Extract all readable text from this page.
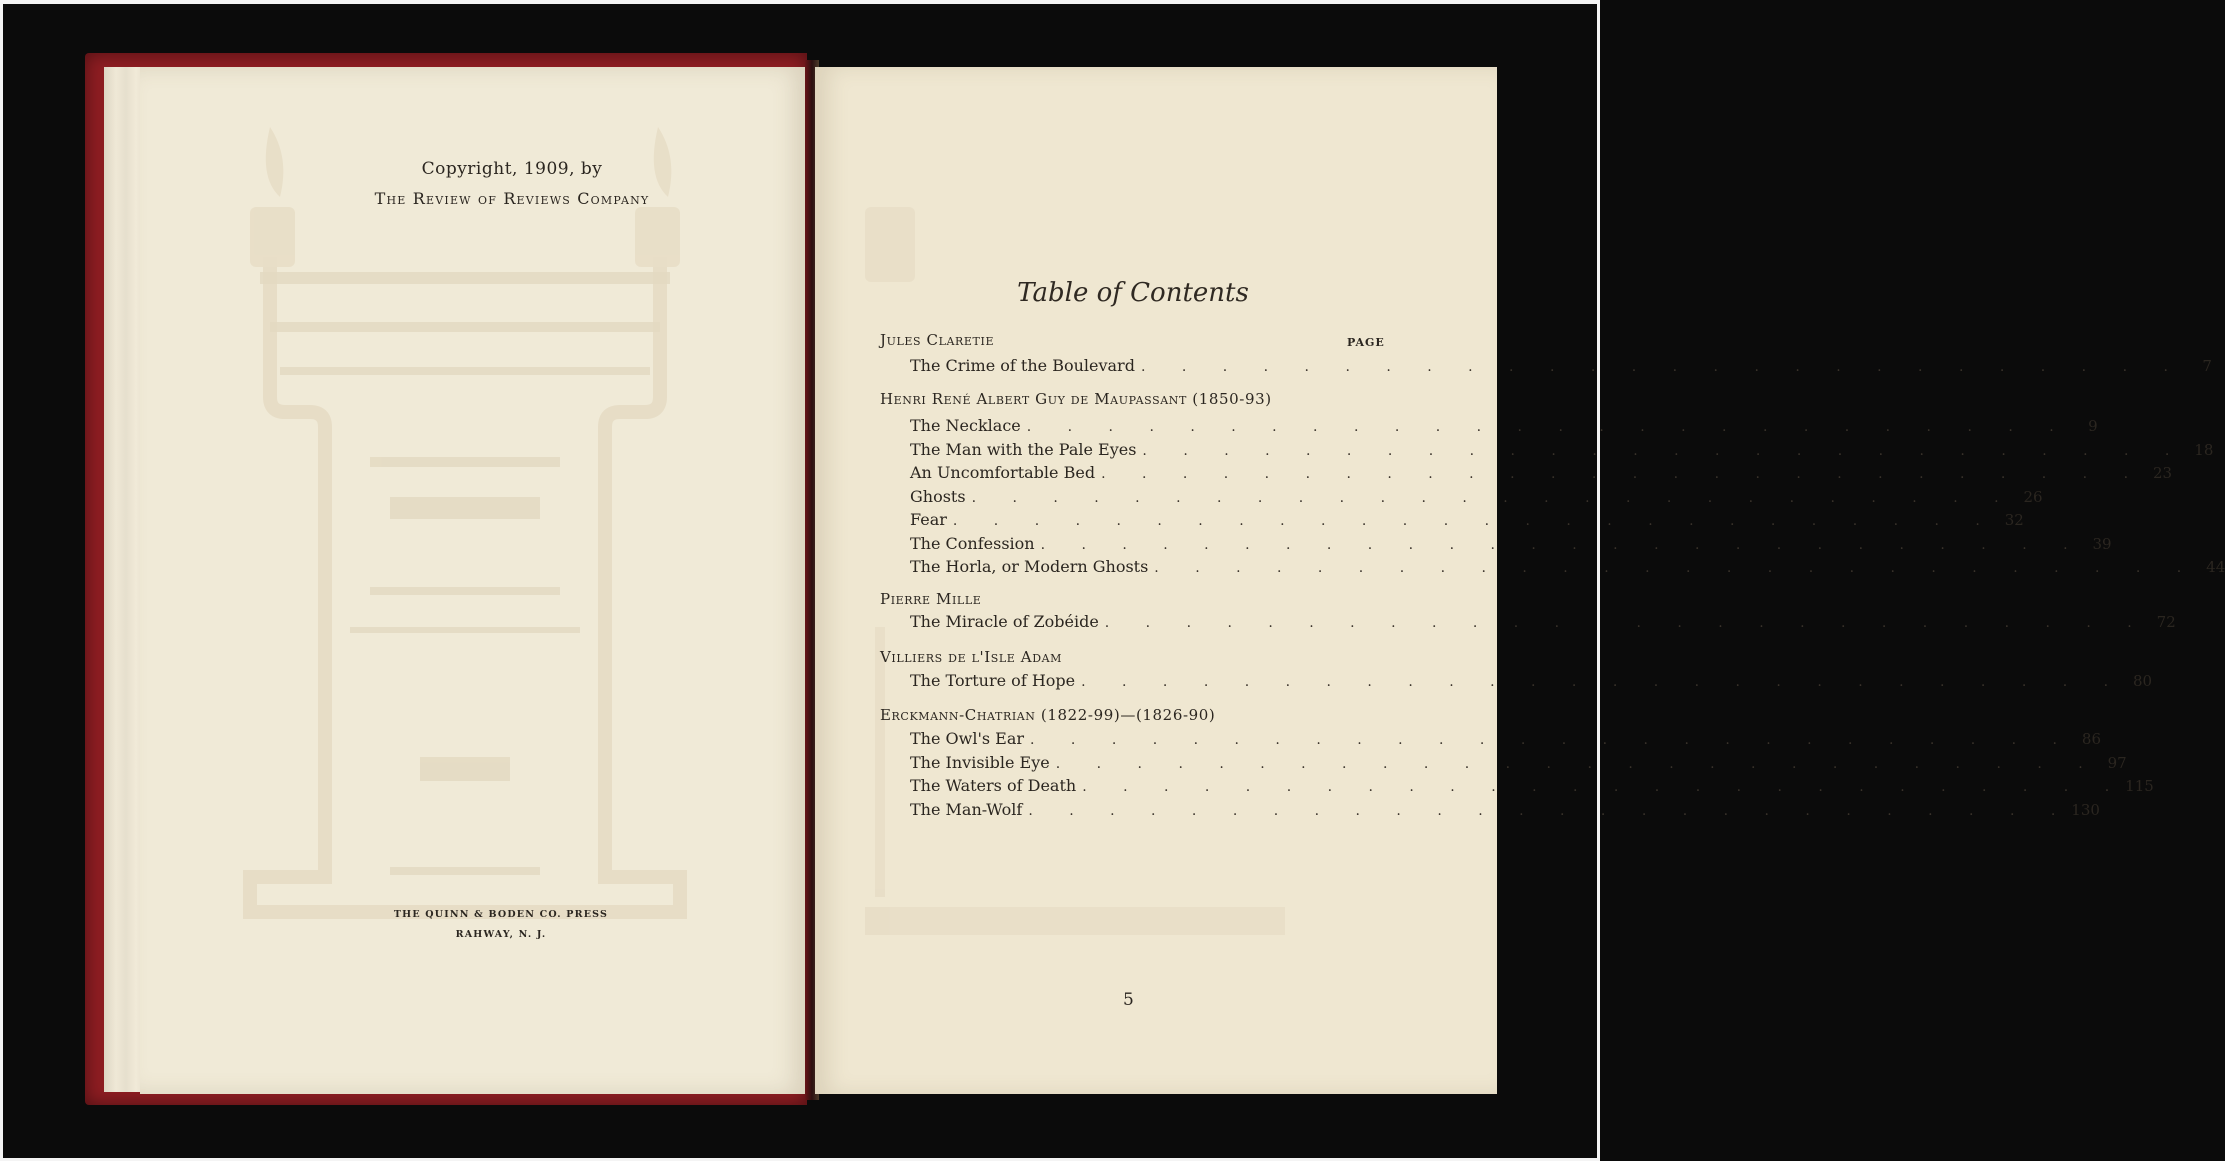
Copyright, 1909, by
The Review of Reviews Company
THE QUINN & BODEN CO. PRESS
RAHWAY, N. J.
Table of Contents
PAGE
Jules Claretie
The Crime of the Boulevard . . . . . . . . . . . . . . . . . . . . . . . . . .	7
Henri René Albert Guy de Maupassant (1850-93)
The Necklace . . . . . . . . . . . . . . . . . . . . . . . . . .	9
The Man with the Pale Eyes . . . . . . . . . . . . . . . . . . . . . . . . . . 18
An Uncomfortable Bed . . . . . . . . . . . . . . . . . . . . . . . . . . 23
Ghosts . . . . . . . . . . . . . . . . . . . . . . . . . . 26
Fear . . . . . . . . . . . . . . . . . . . . . . . . . . 32
The Confession . . . . . . . . . . . . . . . . . . . . . . . . . . 39
The Horla, or Modern Ghosts . . . . . . . . . . . . . . . . . . . . . . . . . . 44
Pierre Mille
The Miracle of Zobéide . . . . . . . . . . . . . . . . . . . . . . . . . . 72
Villiers de l'Isle Adam
The Torture of Hope . . . . . . . . . . . . . . . . . . . . . . . . . . 80
Erckmann-Chatrian (1822-99)—(1826-90)
The Owl's Ear . . . . . . . . . . . . . . . . . . . . . . . . . . 86
The Invisible Eye . . . . . . . . . . . . . . . . . . . . . . . . . . 97
The Waters of Death . . . . . . . . . . . . . . . . . . . . . . . . . . 115
The Man-Wolf . . . . . . . . . . . . . . . . . . . . . . . . . . 130
5
